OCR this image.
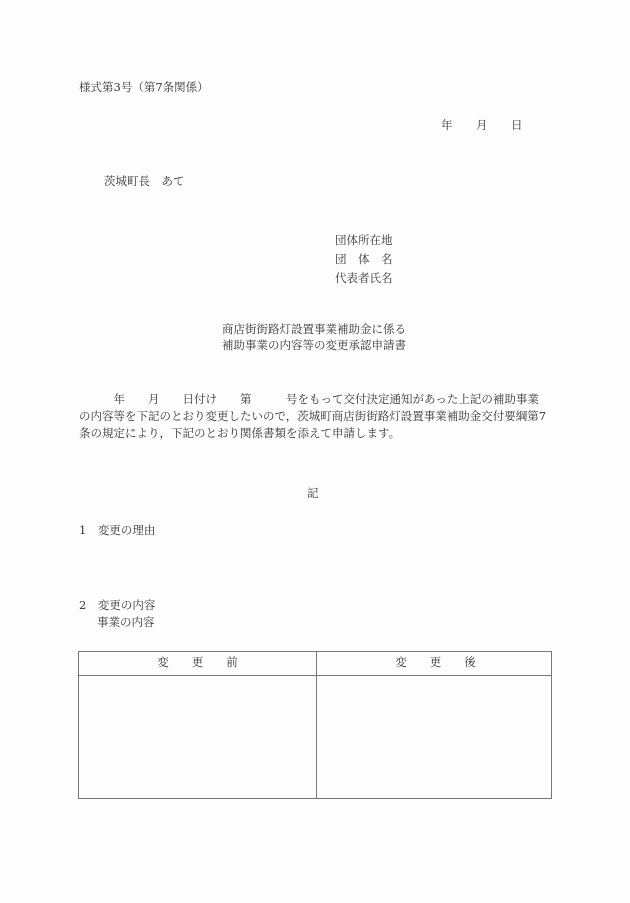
様式第3号（第7条関係）
年 月 日
茨城町長　あて
団体所在地
団　体　名
代表者氏名
商店街街路灯設置事業補助金に係る
補助事業の内容等の変更承認申請書
　　　年　　月　　日付け　　第　　　号をもって交付決定通知があった上記の補助事業
の内容等を下記のとおり変更したいので，茨城町商店街街路灯設置事業補助金交付要綱第7
条の規定により，下記のとおり関係書類を添えて申請します。
記
1　変更の理由
2　変更の内容
事業の内容
変　　更　　前	変　　更　　後
